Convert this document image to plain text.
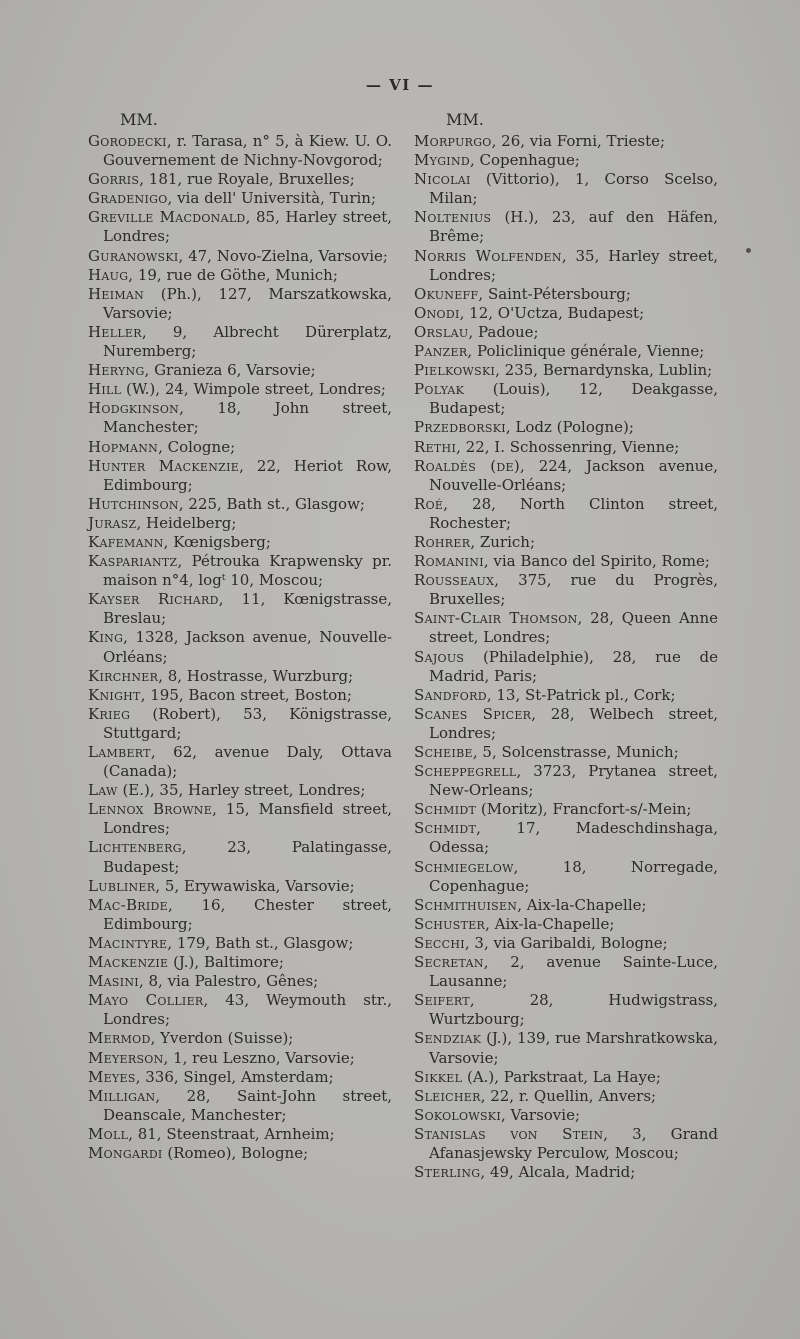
— VI —
MM.

Gorodecki, r. Tarasa, n° 5, à Kiew. U. O. Gouvernement de Nichny-Novgorod;

Gorris, 181, rue Royale, Bruxelles;

Gradenigo, via dell' Università, Turin;

Greville Macdonald, 85, Harley street, Londres;

Guranowski, 47, Novo-Zielna, Varsovie;

Haug, 19, rue de Göthe, Munich;

Heiman (Ph.), 127, Marszatkowska, Varsovie;

Heller, 9, Albrecht Dürerplatz, Nuremberg;

Heryng, Granieza 6, Varsovie;

Hill (W.), 24, Wimpole street, Londres;

Hodgkinson, 18, John street, Manchester;

Hopmann, Cologne;

Hunter Mackenzie, 22, Heriot Row, Edimbourg;

Hutchinson, 225, Bath st., Glasgow;

Jurasz, Heidelberg;

Kafemann, Kœnigsberg;

Kaspariantz, Pétrouka Krapwensky pr. maison n°4, logᵗ 10, Moscou;

Kayser Richard, 11, Kœnigstrasse, Breslau;

King, 1328, Jackson avenue, Nouvelle-Orléans;

Kirchner, 8, Hostrasse, Wurzburg;

Knight, 195, Bacon street, Boston;

Krieg (Robert), 53, Königstrasse, Stuttgard;

Lambert, 62, avenue Daly, Ottava (Canada);

Law (E.), 35, Harley street, Londres;

Lennox Browne, 15, Mansfield street, Londres;

Lichtenberg, 23, Palatingasse, Budapest;

Lubliner, 5, Erywawiska, Varsovie;

Mac-Bride, 16, Chester street, Edimbourg;

Macintyre, 179, Bath st., Glasgow;

Mackenzie (J.), Baltimore;

Masini, 8, via Palestro, Gênes;

Mayo Collier, 43, Weymouth str., Londres;

Mermod, Yverdon (Suisse);

Meyerson, 1, reu Leszno, Varsovie;

Meyes, 336, Singel, Amsterdam;

Milligan, 28, Saint-John street, Deanscale, Manchester;

Moll, 81, Steenstraat, Arnheim;

Mongardi (Romeo), Bologne;

MM.

Morpurgo, 26, via Forni, Trieste;

Mygind, Copenhague;

Nicolai (Vittorio), 1, Corso Scelso, Milan;

Noltenius (H.), 23, auf den Häfen, Brême;

Norris Wolfenden, 35, Harley street, Londres;

Okuneff, Saint-Pétersbourg;

Onodi, 12, O'Uctza, Budapest;

Orslau, Padoue;

Panzer, Policlinique générale, Vienne;

Pielkowski, 235, Bernardynska, Lublin;

Polyak (Louis), 12, Deakgasse, Budapest;

Przedborski, Lodz (Pologne);

Rethi, 22, I. Schossenring, Vienne;

Roaldès (de), 224, Jackson avenue, Nouvelle-Orléans;

Roé, 28, North Clinton street, Rochester;

Rohrer, Zurich;

Romanini, via Banco del Spirito, Rome;

Rousseaux, 375, rue du Progrès, Bruxelles;

Saint-Clair Thomson, 28, Queen Anne street, Londres;

Sajous (Philadelphie), 28, rue de Madrid, Paris;

Sandford, 13, St-Patrick pl., Cork;

Scanes Spicer, 28, Welbech street, Londres;

Scheibe, 5, Solcenstrasse, Munich;

Scheppegrell, 3723, Prytanea street, New-Orleans;

Schmidt (Moritz), Francfort-s/-Mein;

Schmidt, 17, Madeschdinshaga, Odessa;

Schmiegelow, 18, Norregade, Copenhague;

Schmithuisen, Aix-la-Chapelle;

Schuster, Aix-la-Chapelle;

Secchi, 3, via Garibaldi, Bologne;

Secretan, 2, avenue Sainte-Luce, Lausanne;

Seifert, 28, Hudwigstrass, Wurtzbourg;

Sendziak (J.), 139, rue Marshratkowska, Varsovie;

Sikkel (A.), Parkstraat, La Haye;

Sleicher, 22, r. Quellin, Anvers;

Sokolowski, Varsovie;

Stanislas von Stein, 3, Grand Afanasjewsky Perculow, Moscou;

Sterling, 49, Alcala, Madrid;
